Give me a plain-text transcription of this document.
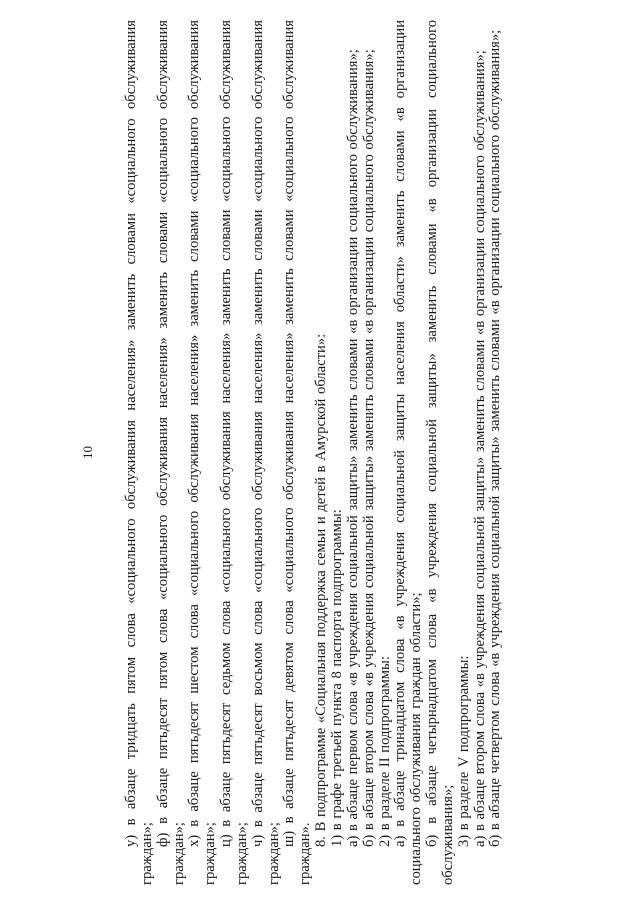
10 у) в абзаце тридцать пятом слова «социального обслуживания населения» заменить словами «социального обслуживания граждан»;

ф) в абзаце пятьдесят пятом слова «социального обслуживания населения» заменить словами «социального обслуживания граждан»;

х) в абзаце пятьдесят шестом слова «социального обслуживания населения» заменить словами «социального обслуживания граждан»;

ц) в абзаце пятьдесят седьмом слова «социального обслуживания населения» заменить словами «социального обслуживания граждан»;

ч) в абзаце пятьдесят восьмом слова «социального обслуживания населения» заменить словами «социального обслуживания граждан»;

ш) в абзаце пятьдесят девятом слова «социального обслуживания населения» заменить словами «социального обслуживания граждан».

8. В подпрограмме «Социальная поддержка семьи и детей в Амурской области»: 1) в графе третьей пункта 8 паспорта подпрограммы: а) в абзаце первом слова «в учреждения социальной защиты» заменить словами «в организации социального обслуживания»; б) в абзаце втором слова «в учреждения социальной защиты» заменить словами «в организации социального обслуживания»; 2) в разделе II подпрограммы: а) в абзаце тринадцатом слова «в учреждения социальной защиты населения области» заменить словами «в организации социального обслуживания граждан области»; б) в абзаце четырнадцатом слова «в учреждения социальной защиты» заменить словами «в организации социального обслуживания»; 3) в разделе V подпрограммы: а) в абзаце втором слова «в учреждения социальной защиты» заменить словами «в организации социального обслуживания»; б) в абзаце четвертом слова «в учреждения социальной защиты» заменить словами «в организации социального обслуживания»;
